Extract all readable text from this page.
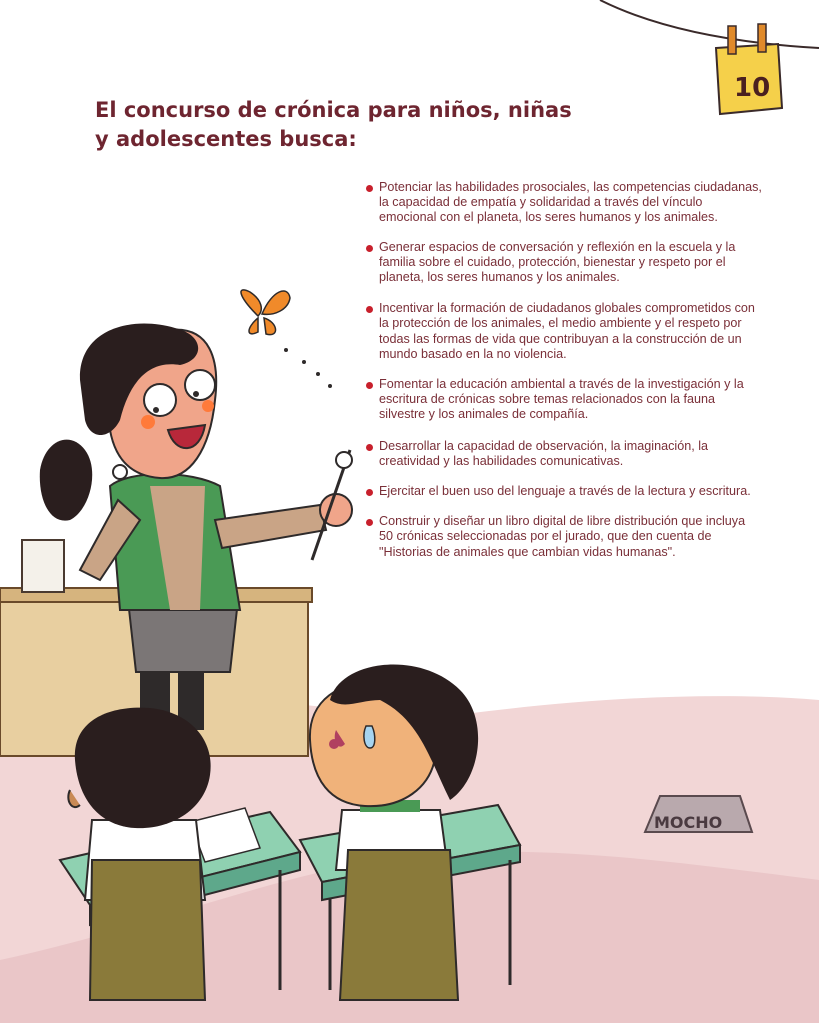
MOCHO
10
El concurso de crónica para niños, niñas
y adolescentes busca:
Potenciar las habilidades prosociales, las competencias ciudadanas, la capacidad de empatía y solidaridad a través del vínculo emocional con el planeta, los seres humanos y los animales.
Generar espacios de conversación y reflexión en la escuela y la familia sobre el cuidado, protección, bienestar y respeto por el planeta, los seres humanos y los animales.
Incentivar la formación de ciudadanos globales comprometidos con la protección de los animales, el medio ambiente y el respeto por todas las formas de vida que contribuyan a la construcción de un mundo basado en la no violencia.
Fomentar la educación ambiental a través de la investigación y la escritura de crónicas sobre temas relacionados con la fauna silvestre y los animales de compañía.
Desarrollar la capacidad de observación, la imaginación, la creatividad y las habilidades comunicativas.
Ejercitar el buen uso del lenguaje a través de la lectura y escritura.
Construir y diseñar un libro digital de libre distribución que incluya 50 crónicas seleccionadas por el jurado, que den cuenta de "Historias de animales que cambian vidas humanas".
